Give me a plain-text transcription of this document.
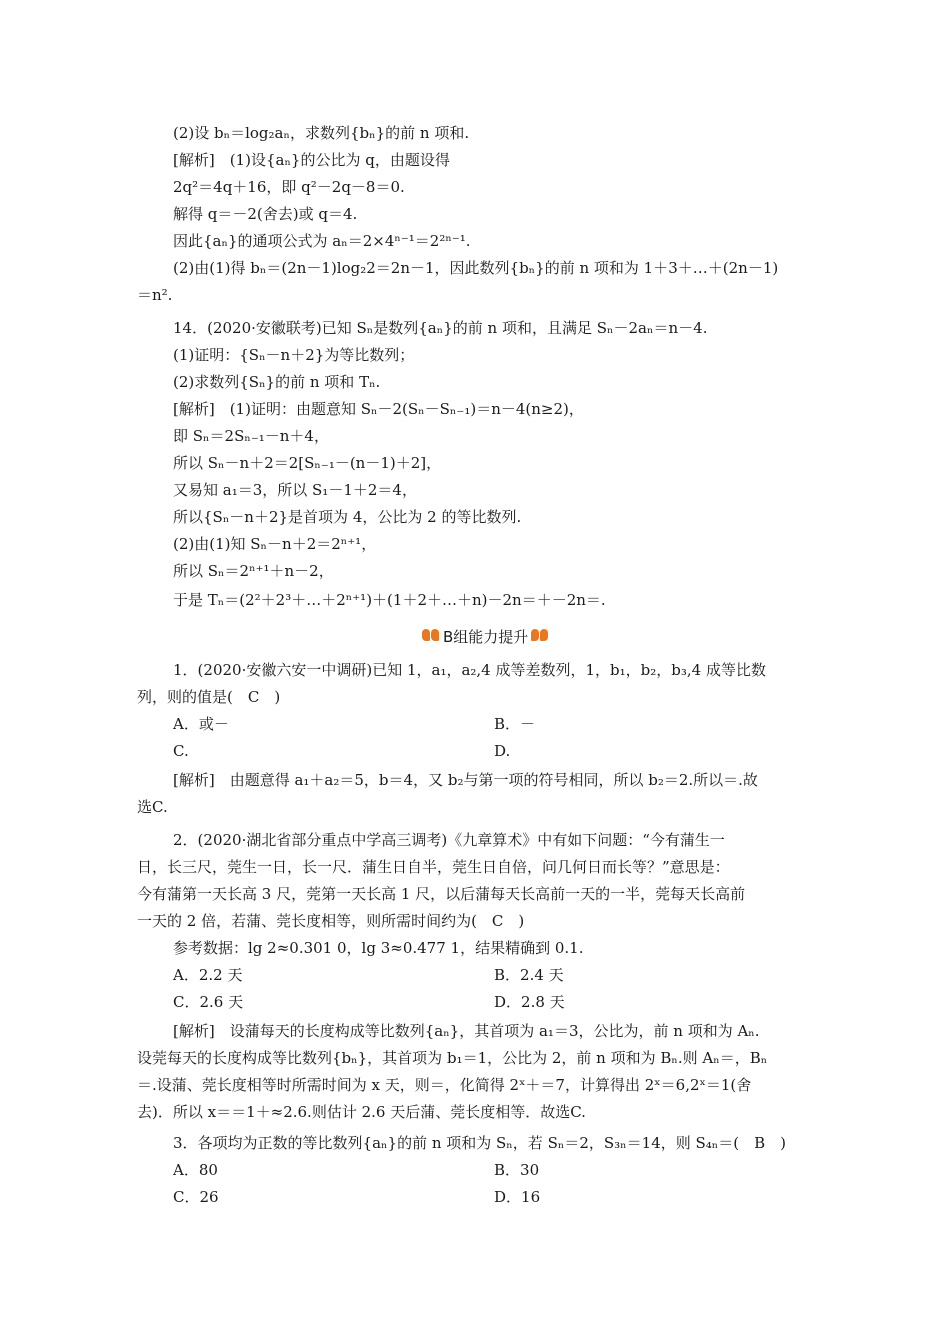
(2)设 bₙ＝log₂aₙ，求数列{bₙ}的前 n 项和.
[解析]　(1)设{aₙ}的公比为 q，由题设得
2q²＝4q＋16，即 q²－2q－8＝0.
解得 q＝－2(舍去)或 q＝4.
因此{aₙ}的通项公式为 aₙ＝2×4ⁿ⁻¹＝2²ⁿ⁻¹.
(2)由(1)得 bₙ＝(2n－1)log₂2＝2n－1，因此数列{bₙ}的前 n 项和为 1＋3＋…＋(2n－1)
＝n².
14．(2020·安徽联考)已知 Sₙ是数列{aₙ}的前 n 项和，且满足 Sₙ－2aₙ＝n－4.
(1)证明：{Sₙ－n＋2}为等比数列；
(2)求数列{Sₙ}的前 n 项和 Tₙ.
[解析]　(1)证明：由题意知 Sₙ－2(Sₙ－Sₙ₋₁)＝n－4(n≥2)，
即 Sₙ＝2Sₙ₋₁－n＋4，
所以 Sₙ－n＋2＝2[Sₙ₋₁－(n－1)＋2]，
又易知 a₁＝3，所以 S₁－1＋2＝4，
所以{Sₙ－n＋2}是首项为 4，公比为 2 的等比数列.
(2)由(1)知 Sₙ－n＋2＝2ⁿ⁺¹，
所以 Sₙ＝2ⁿ⁺¹＋n－2，
于是 Tₙ＝(2²＋2³＋…＋2ⁿ⁺¹)＋(1＋2＋…＋n)－2n＝＋－2n＝.
B组能力提升
1．(2020·安徽六安一中调研)已知 1，a₁，a₂,4 成等差数列，1，b₁，b₂，b₃,4 成等比数
列，则的值是(　C　)
A．或－	B．－
C.	D.
[解析]　由题意得 a₁＋a₂＝5，b＝4，又 b₂与第一项的符号相同，所以 b₂＝2.所以＝.故
选C.
2．(2020·湖北省部分重点中学高三调考)《九章算术》中有如下问题：“今有蒲生一
日，长三尺，莞生一日，长一尺．蒲生日自半，莞生日自倍，问几何日而长等？”意思是：
今有蒲第一天长高 3 尺，莞第一天长高 1 尺，以后蒲每天长高前一天的一半，莞每天长高前
一天的 2 倍，若蒲、莞长度相等，则所需时间约为(　C　)
参考数据：lg 2≈0.301 0，lg 3≈0.477 1，结果精确到 0.1.
A．2.2 天	B．2.4 天
C．2.6 天	D．2.8 天
[解析]　设蒲每天的长度构成等比数列{aₙ}，其首项为 a₁＝3，公比为，前 n 项和为 Aₙ.
设莞每天的长度构成等比数列{bₙ}，其首项为 b₁＝1，公比为 2，前 n 项和为 Bₙ.则 Aₙ＝，Bₙ
＝.设蒲、莞长度相等时所需时间为 x 天，则＝，化简得 2ˣ＋＝7，计算得出 2ˣ＝6,2ˣ＝1(舍
去)．所以 x＝＝1＋≈2.6.则估计 2.6 天后蒲、莞长度相等．故选C.
3．各项均为正数的等比数列{aₙ}的前 n 项和为 Sₙ，若 Sₙ＝2，S₃ₙ＝14，则 S₄ₙ＝(　B　)
A．80	B．30
C．26	D．16
